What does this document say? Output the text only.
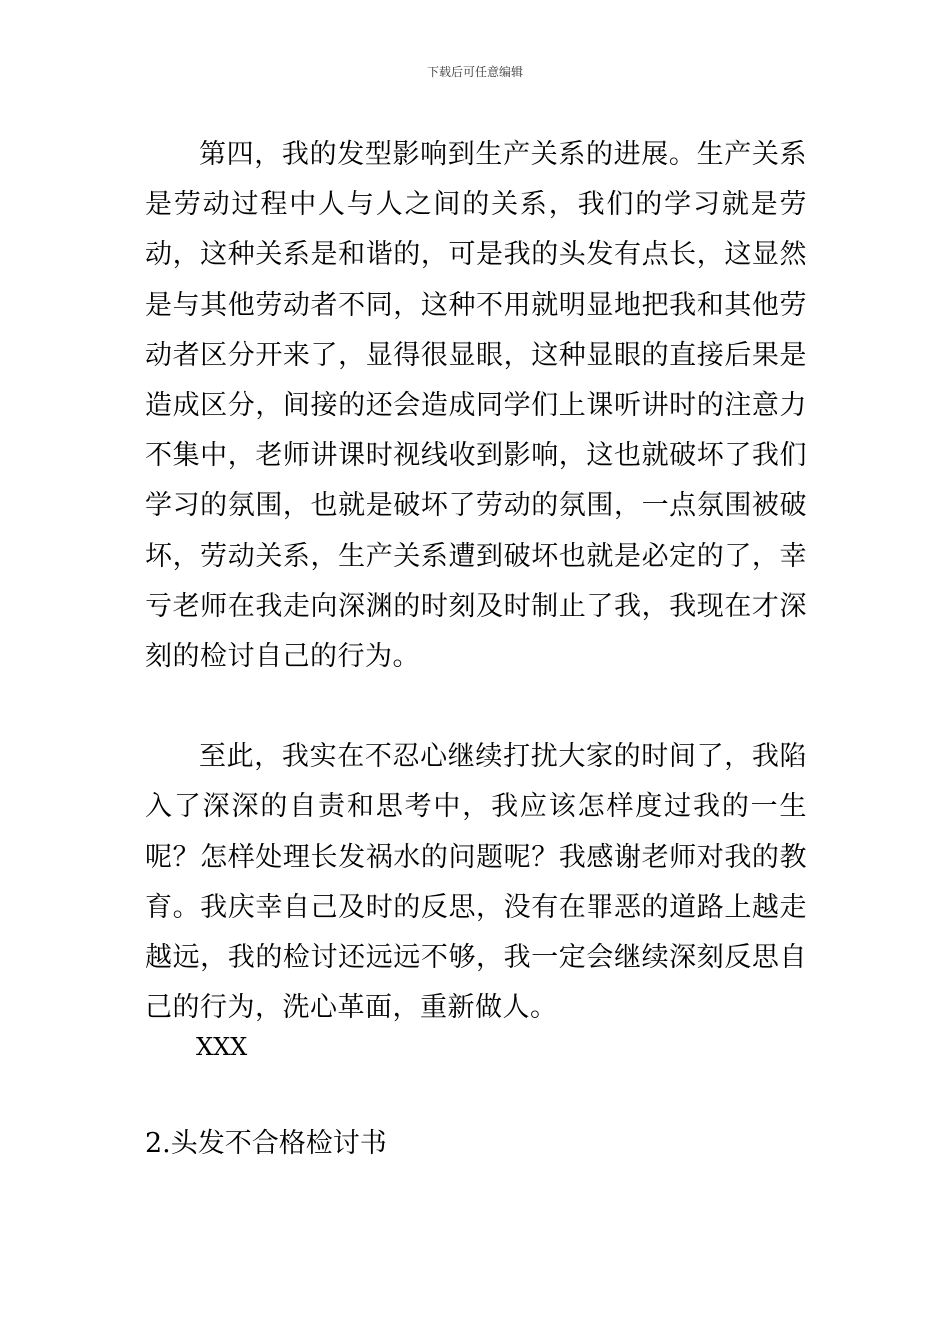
下载后可任意编辑

第四，我的发型影响到生产关系的进展。生产关系是劳动过程中人与人之间的关系，我们的学习就是劳动，这种关系是和谐的，可是我的头发有点长，这显然是与其他劳动者不同，这种不用就明显地把我和其他劳动者区分开来了，显得很显眼，这种显眼的直接后果是造成区分，间接的还会造成同学们上课听讲时的注意力不集中，老师讲课时视线收到影响，这也就破坏了我们学习的氛围，也就是破坏了劳动的氛围，一点氛围被破坏，劳动关系，生产关系遭到破坏也就是必定的了，幸亏老师在我走向深渊的时刻及时制止了我，我现在才深刻的检讨自己的行为。

至此，我实在不忍心继续打扰大家的时间了，我陷入了深深的自责和思考中，我应该怎样度过我的一生呢？怎样处理长发祸水的问题呢？我感谢老师对我的教育。我庆幸自己及时的反思，没有在罪恶的道路上越走越远，我的检讨还远远不够，我一定会继续深刻反思自己的行为，洗心革面，重新做人。

XXX
2.头发不合格检讨书
